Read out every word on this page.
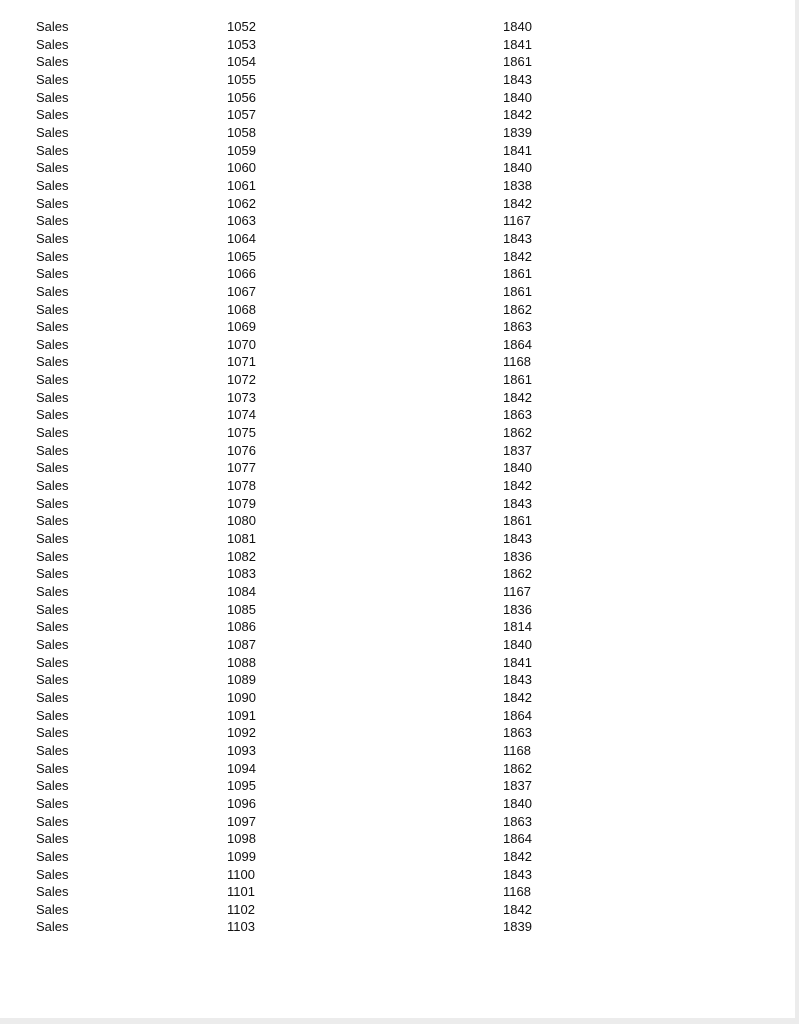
Sales	1052	1840
Sales	1053	1841
Sales	1054	1861
Sales	1055	1843
Sales	1056	1840
Sales	1057	1842
Sales	1058	1839
Sales	1059	1841
Sales	1060	1840
Sales	1061	1838
Sales	1062	1842
Sales	1063	1167
Sales	1064	1843
Sales	1065	1842
Sales	1066	1861
Sales	1067	1861
Sales	1068	1862
Sales	1069	1863
Sales	1070	1864
Sales	1071	1168
Sales	1072	1861
Sales	1073	1842
Sales	1074	1863
Sales	1075	1862
Sales	1076	1837
Sales	1077	1840
Sales	1078	1842
Sales	1079	1843
Sales	1080	1861
Sales	1081	1843
Sales	1082	1836
Sales	1083	1862
Sales	1084	1167
Sales	1085	1836
Sales	1086	1814
Sales	1087	1840
Sales	1088	1841
Sales	1089	1843
Sales	1090	1842
Sales	1091	1864
Sales	1092	1863
Sales	1093	1168
Sales	1094	1862
Sales	1095	1837
Sales	1096	1840
Sales	1097	1863
Sales	1098	1864
Sales	1099	1842
Sales	1100	1843
Sales	1101	1168
Sales	1102	1842
Sales	1103	1839
